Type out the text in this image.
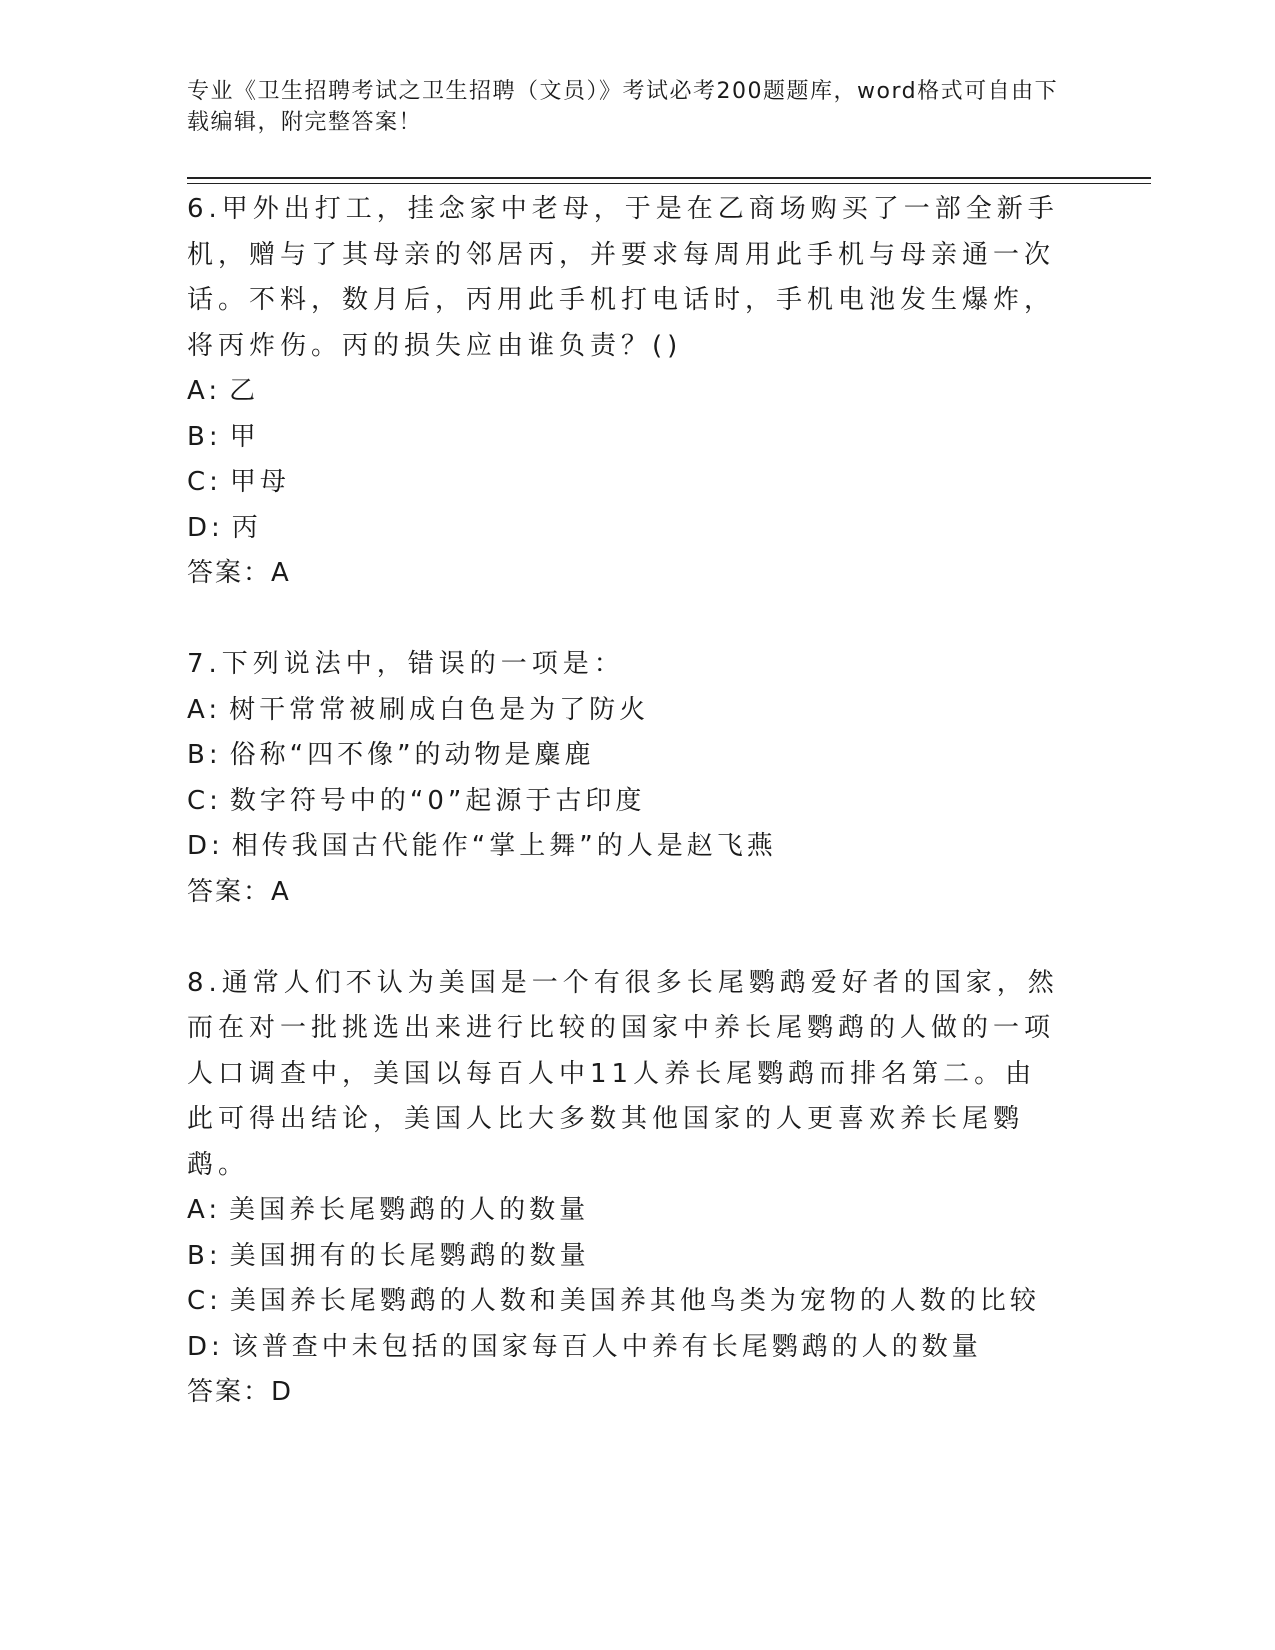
专业《卫生招聘考试之卫生招聘（文员）》考试必考200题题库，word格式可自由下载编辑，附完整答案！
6.甲外出打工，挂念家中老母，于是在乙商场购买了一部全新手机，赠与了其母亲的邻居丙，并要求每周用此手机与母亲通一次话。不料，数月后，丙用此手机打电话时，手机电池发生爆炸，将丙炸伤。丙的损失应由谁负责？()
A: 乙
B: 甲
C: 甲母
D: 丙
答案：A
7.下列说法中，错误的一项是：
A: 树干常常被刷成白色是为了防火
B: 俗称“四不像”的动物是麋鹿
C: 数字符号中的“0”起源于古印度
D: 相传我国古代能作“掌上舞”的人是赵飞燕
答案：A
8.通常人们不认为美国是一个有很多长尾鹦鹉爱好者的国家，然而在对一批挑选出来进行比较的国家中养长尾鹦鹉的人做的一项人口调查中，美国以每百人中11人养长尾鹦鹉而排名第二。由此可得出结论，美国人比大多数其他国家的人更喜欢养长尾鹦鹉。
A: 美国养长尾鹦鹉的人的数量
B: 美国拥有的长尾鹦鹉的数量
C: 美国养长尾鹦鹉的人数和美国养其他鸟类为宠物的人数的比较
D: 该普查中未包括的国家每百人中养有长尾鹦鹉的人的数量
答案：D
